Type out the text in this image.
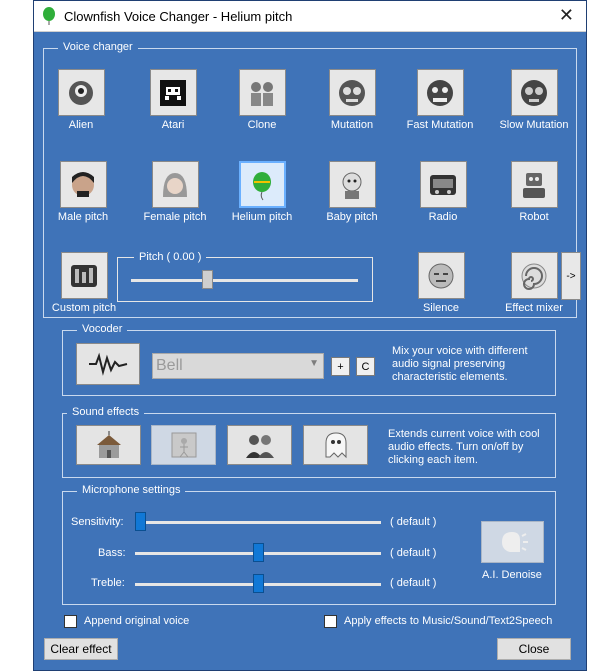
Clownfish Voice Changer - Helium pitch	✕
Voice changer
Alien	Atari	Clone	Mutation	Fast Mutation Slow Mutation
Male pitch	Female pitch	Helium pitch	Baby pitch	Radio	Robot
Custom pitch
Pitch ( 0.00 )
Silence	Effect mixer
->
Vocoder
Bell	▼	+	C
Mix your voice with different audio signal preserving characteristic elements.
Sound effects
Extends current voice with cool audio effects. Turn on/off by clicking each item.
Microphone settings
Sensitivity:	( default )
Bass:	( default )
Treble:	( default )
A.I. Denoise
Append original voice	Apply effects to Music/Sound/Text2Speech
Clear effect	Close
